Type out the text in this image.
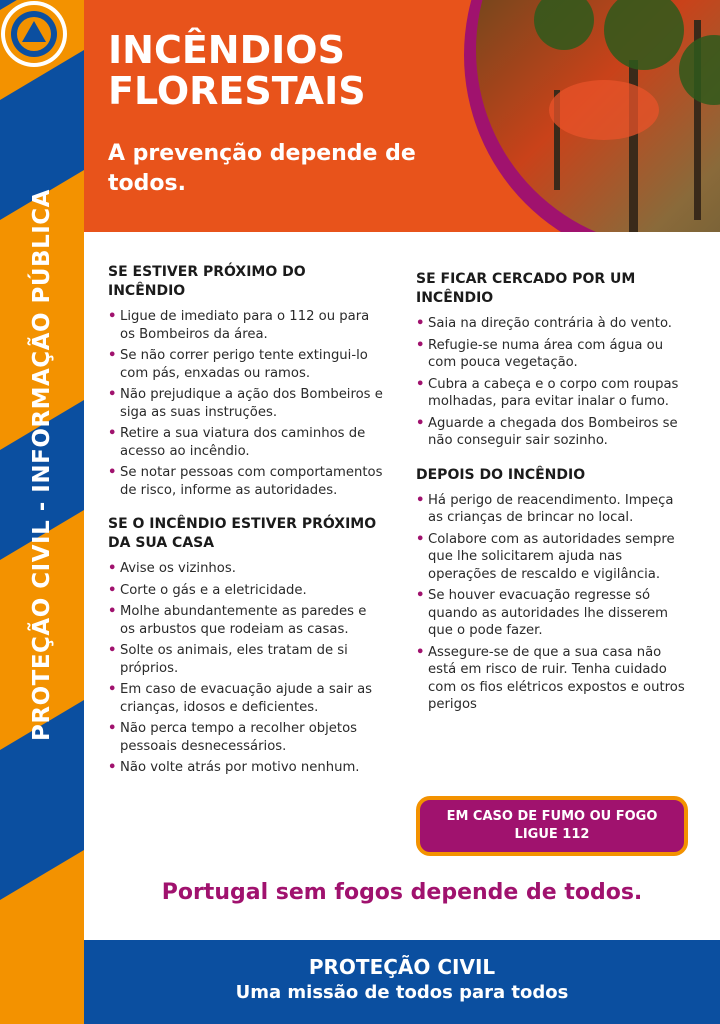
PROTEÇÃO CIVIL - INFORMAÇÃO PÚBLICA
INCÊNDIOS FLORESTAIS

A prevenção depende de todos.

SE ESTIVER PRÓXIMO DO INCÊNDIO
• Ligue de imediato para o 112 ou para os Bombeiros da área.
• Se não correr perigo tente extingui-lo com pás, enxadas ou ramos.
• Não prejudique a ação dos Bombeiros e siga as suas instruções.
• Retire a sua viatura dos caminhos de acesso ao incêndio.
• Se notar pessoas com comportamentos de risco, informe as autoridades.
SE O INCÊNDIO ESTIVER PRÓXIMO DA SUA CASA
• Avise os vizinhos.
• Corte o gás e a eletricidade.
• Molhe abundantemente as paredes e os arbustos que rodeiam as casas.
• Solte os animais, eles tratam de si próprios.
• Em caso de evacuação ajude a sair as crianças, idosos e deficientes.
• Não perca tempo a recolher objetos pessoais desnecessários.
• Não volte atrás por motivo nenhum.
SE FICAR CERCADO POR UM INCÊNDIO
• Saia na direção contrária à do vento.
• Refugie-se numa área com água ou com pouca vegetação.
• Cubra a cabeça e o corpo com roupas molhadas, para evitar inalar o fumo.
• Aguarde a chegada dos Bombeiros se não conseguir sair sozinho.
DEPOIS DO INCÊNDIO
• Há perigo de reacendimento. Impeça as crianças de brincar no local.
• Colabore com as autoridades sempre que lhe solicitarem ajuda nas operações de rescaldo e vigilância.
• Se houver evacuação regresse só quando as autoridades lhe disserem que o pode fazer.
• Assegure-se de que a sua casa não está em risco de ruir. Tenha cuidado com os fios elétricos expostos e outros perigos
EM CASO DE FUMO OU FOGO LIGUE 112

Portugal sem fogos depende de todos.

PROTEÇÃO CIVIL
Uma missão de todos para todos
